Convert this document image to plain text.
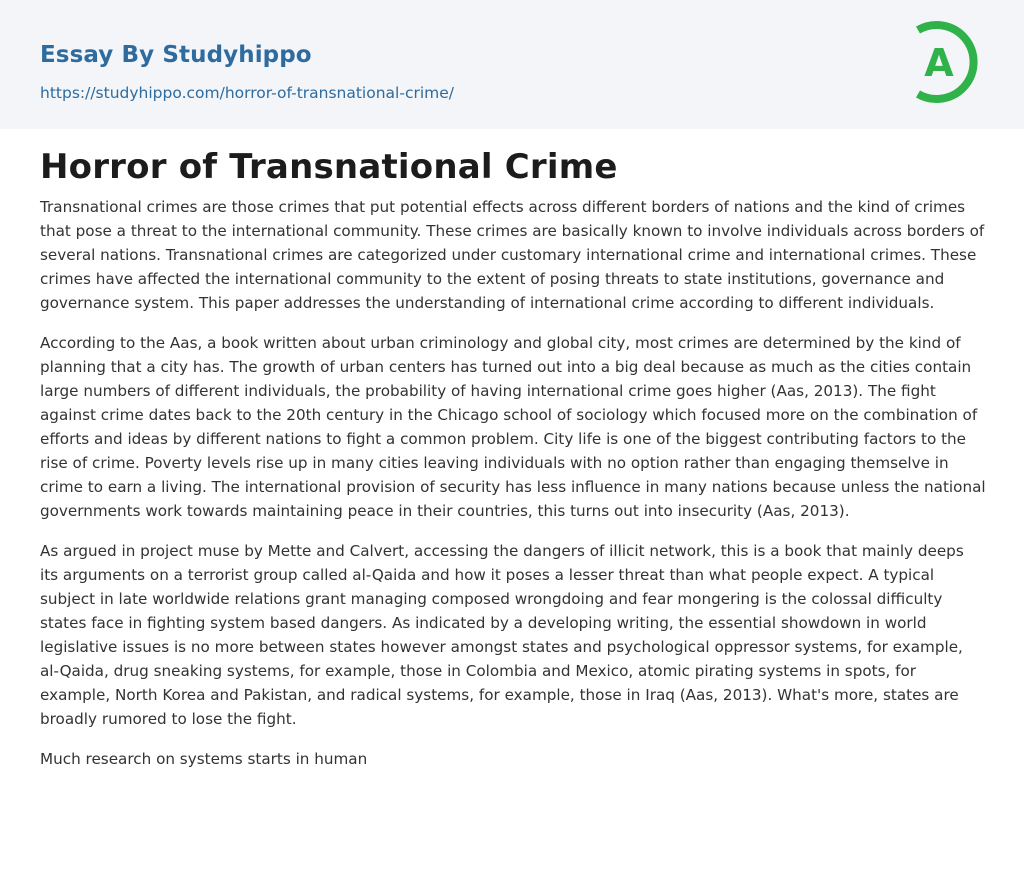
Essay By Studyhippo
https://studyhippo.com/horror-of-transnational-crime/
A
Horror of Transnational Crime

Transnational crimes are those crimes that put potential effects across different borders of nations and the kind of crimes that pose a threat to the international community. These crimes are basically known to involve individuals across borders of several nations. Transnational crimes are categorized under customary international crime and international crimes. These crimes have affected the international community to the extent of posing threats to state institutions, governance and governance system. This paper addresses the understanding of international crime according to different individuals.

According to the Aas, a book written about urban criminology and global city, most crimes are determined by the kind of planning that a city has. The growth of urban centers has turned out into a big deal because as much as the cities contain large numbers of different individuals, the probability of having international crime goes higher (Aas, 2013). The fight against crime dates back to the 20th century in the Chicago school of sociology which focused more on the combination of efforts and ideas by different nations to fight a common problem. City life is one of the biggest contributing factors to the rise of crime. Poverty levels rise up in many cities leaving individuals with no option rather than engaging themselve in crime to earn a living. The international provision of security has less influence in many nations because unless the national governments work towards maintaining peace in their countries, this turns out into insecurity (Aas, 2013).

As argued in project muse by Mette and Calvert, accessing the dangers of illicit network, this is a book that mainly deeps its arguments on a terrorist group called al-Qaida and how it poses a lesser threat than what people expect. A typical subject in late worldwide relations grant managing composed wrongdoing and fear mongering is the colossal difficulty states face in fighting system based dangers. As indicated by a developing writing, the essential showdown in world legislative issues is no more between states however amongst states and psychological oppressor systems, for example, al-Qaida, drug sneaking systems, for example, those in Colombia and Mexico, atomic pirating systems in spots, for example, North Korea and Pakistan, and radical systems, for example, those in Iraq (Aas, 2013). What's more, states are broadly rumored to lose the fight.

Much research on systems starts in human
